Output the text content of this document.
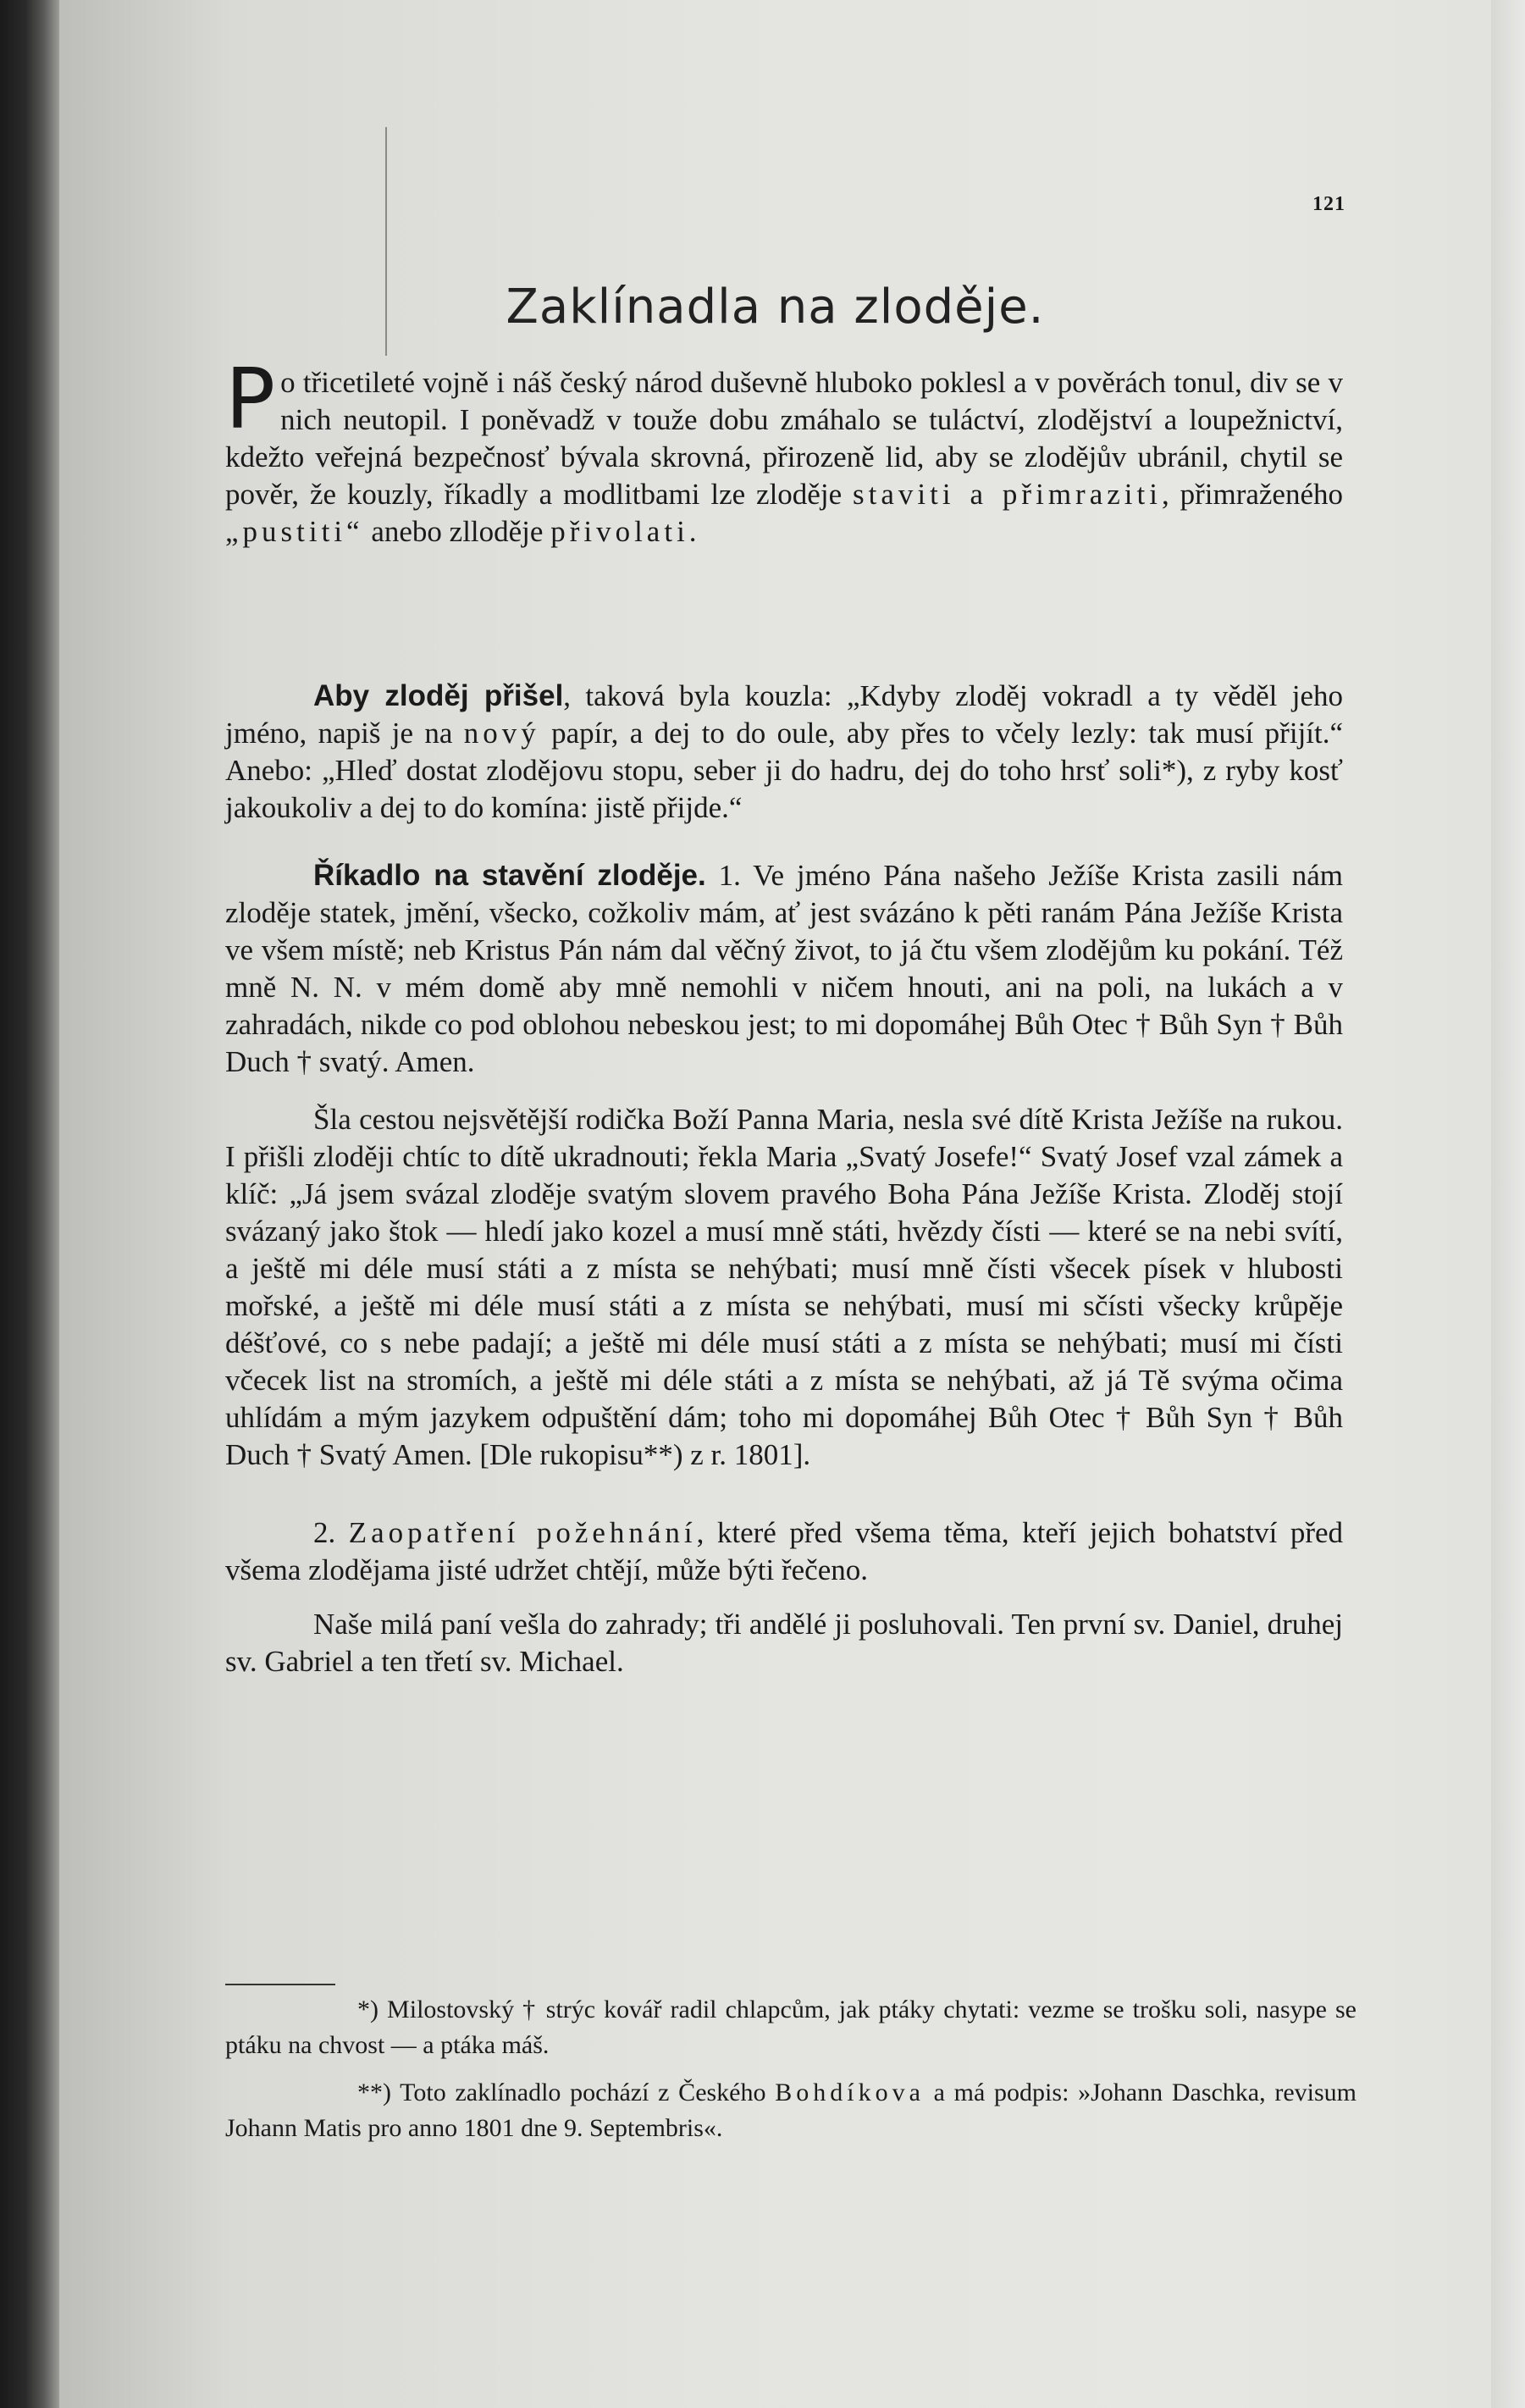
121
Zaklínadla na zloděje.

Po třicetileté vojně i náš český národ duševně hluboko poklesl a v pověrách tonul, div se v nich neutopil. I poněvadž v touže dobu zmáhalo se tuláctví, zlodějství a loupežnictví, kdežto veřejná bezpečnosť bývala skrovná, přirozeně lid, aby se zlodějův ubránil, chytil se pověr, že kouzly, říkadly a modlitbami lze zloděje staviti a přimraziti, přimraženého „pustiti“ anebo zlloděje přivolati.

Aby zloděj přišel, taková byla kouzla: „Kdyby zloděj vokradl a ty věděl jeho jméno, napiš je na nový papír, a dej to do oule, aby přes to včely lezly: tak musí přijít.“ Anebo: „Hleď dostat zlodějovu stopu, seber ji do hadru, dej do toho hrsť soli*), z ryby kosť jakoukoliv a dej to do komína: jistě přijde.“

Říkadlo na stavění zloděje. 1. Ve jméno Pána našeho Ježíše Krista zasili nám zloděje statek, jmění, všecko, cožkoliv mám, ať jest svázáno k pěti ranám Pána Ježíše Krista ve všem místě; neb Kristus Pán nám dal věčný život, to já čtu všem zlodějům ku pokání. Též mně N. N. v mém domě aby mně nemohli v ničem hnouti, ani na poli, na lukách a v zahradách, nikde co pod oblohou nebeskou jest; to mi dopomáhej Bůh Otec † Bůh Syn † Bůh Duch † svatý. Amen.

Šla cestou nejsvětější rodička Boží Panna Maria, nesla své dítě Krista Ježíše na rukou. I přišli zloději chtíc to dítě ukradnouti; řekla Maria „Svatý Josefe!“ Svatý Josef vzal zámek a klíč: „Já jsem svázal zloděje svatým slovem pravého Boha Pána Ježíše Krista. Zloděj stojí svázaný jako štok — hledí jako kozel a musí mně státi, hvězdy čísti — které se na nebi svítí, a ještě mi déle musí státi a z místa se nehýbati; musí mně čísti všecek písek v hlubosti mořské, a ještě mi déle musí státi a z místa se nehýbati, musí mi sčísti všecky krůpěje déšťové, co s nebe padají; a ještě mi déle musí státi a z místa se nehýbati; musí mi čísti včecek list na stromích, a ještě mi déle státi a z místa se nehýbati, až já Tě svýma očima uhlídám a mým jazykem odpuštění dám; toho mi dopomáhej Bůh Otec † Bůh Syn † Bůh Duch † Svatý Amen. [Dle rukopisu**) z r. 1801].

2. Zaopatření požehnání, které před všema těma, kteří jejich bohatství před všema zlodějama jisté udržet chtějí, může býti řečeno.

Naše milá paní vešla do zahrady; tři andělé ji posluhovali. Ten první sv. Daniel, druhej sv. Gabriel a ten třetí sv. Michael.

*) Milostovský † strýc kovář radil chlapcům, jak ptáky chytati: vezme se trošku soli, nasype se ptáku na chvost — a ptáka máš.

**) Toto zaklínadlo pochází z Českého Bohdíkova a má podpis: »Johann Daschka, revisum Johann Matis pro anno 1801 dne 9. Septembris«.
